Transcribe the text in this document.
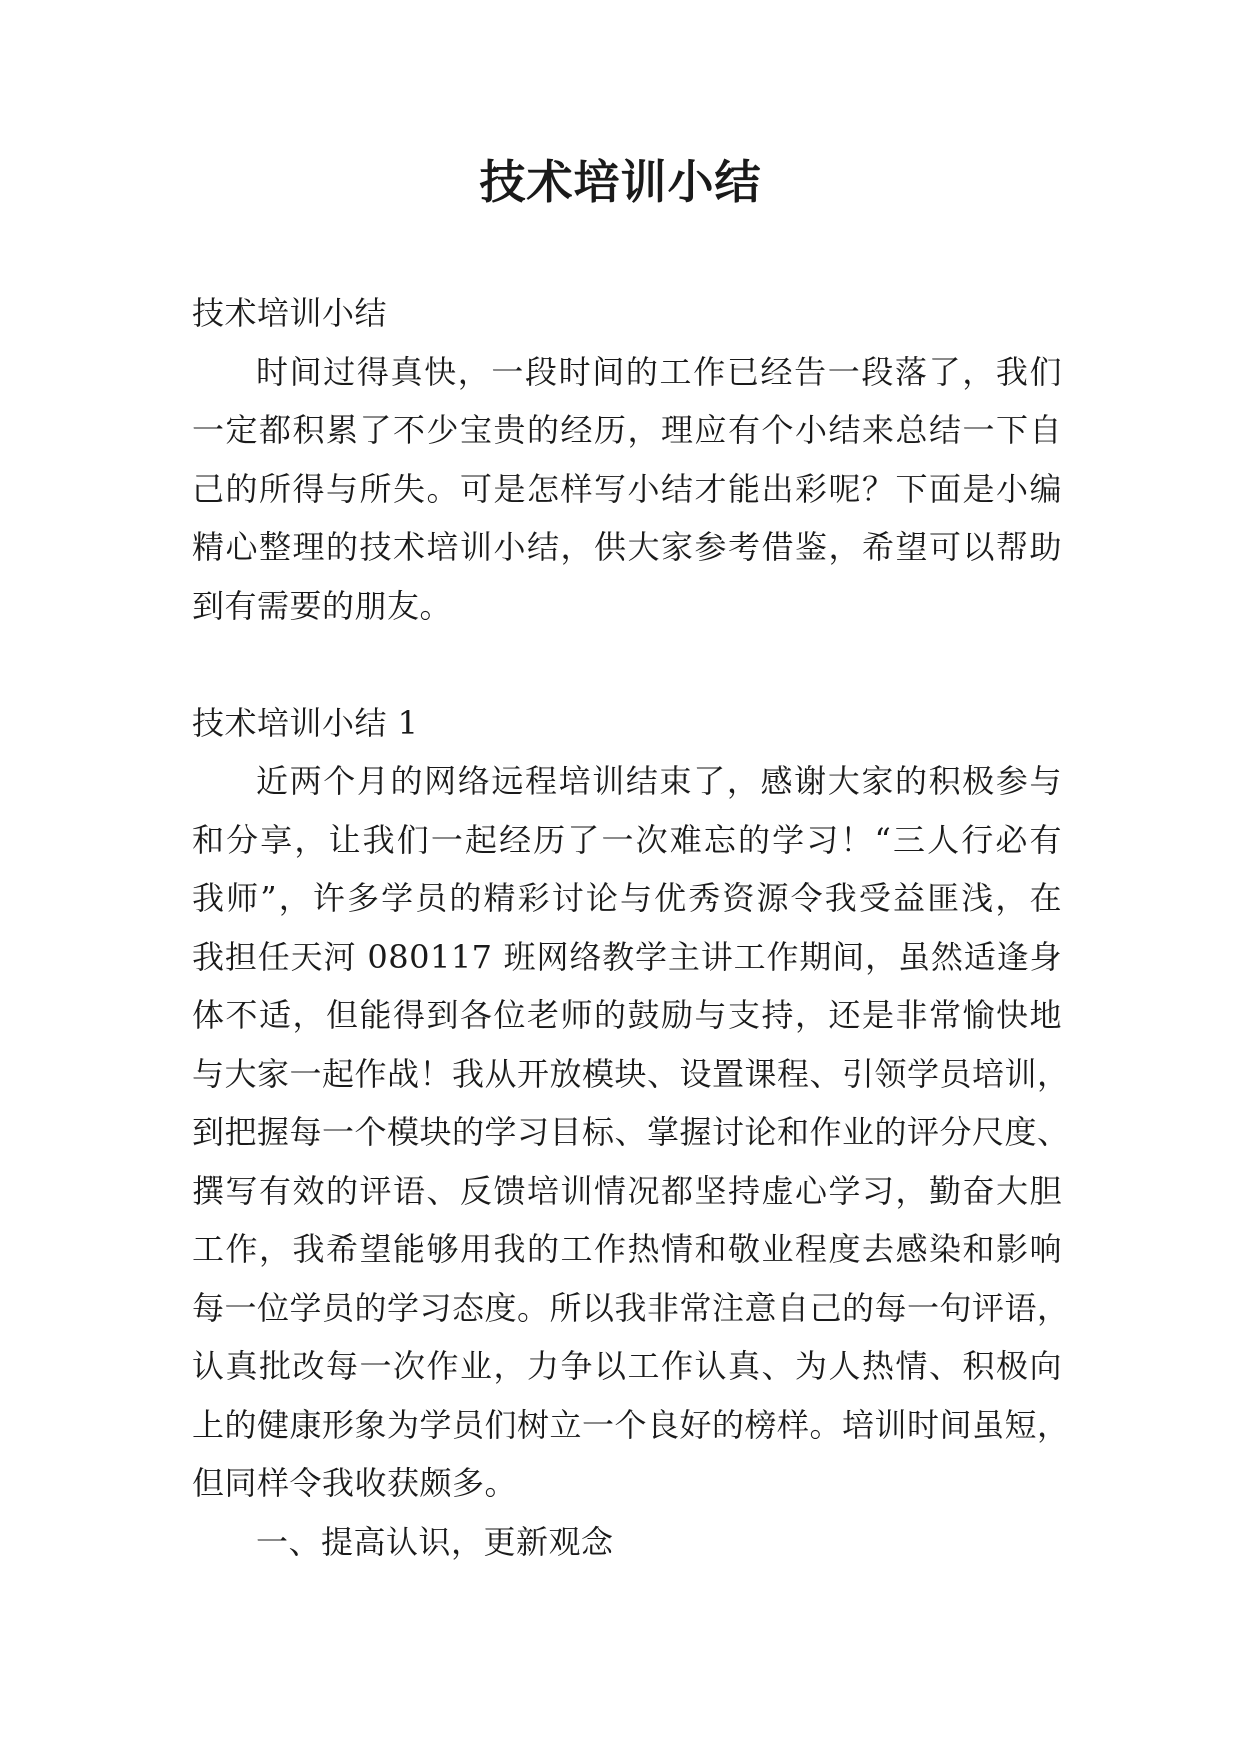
技术培训小结
技术培训小结
时间过得真快，一段时间的工作已经告一段落了，我们
一定都积累了不少宝贵的经历，理应有个小结来总结一下自
己的所得与所失。可是怎样写小结才能出彩呢？下面是小编
精心整理的技术培训小结，供大家参考借鉴，希望可以帮助
到有需要的朋友。
技术培训小结 1
近两个月的网络远程培训结束了，感谢大家的积极参与
和分享，让我们一起经历了一次难忘的学习！“三人行必有
我师”，许多学员的精彩讨论与优秀资源令我受益匪浅，在
我担任天河 080117 班网络教学主讲工作期间，虽然适逢身
体不适，但能得到各位老师的鼓励与支持，还是非常愉快地
与大家一起作战！我从开放模块、设置课程、引领学员培训，
到把握每一个模块的学习目标、掌握讨论和作业的评分尺度、
撰写有效的评语、反馈培训情况都坚持虚心学习，勤奋大胆
工作，我希望能够用我的工作热情和敬业程度去感染和影响
每一位学员的学习态度。所以我非常注意自己的每一句评语，
认真批改每一次作业，力争以工作认真、为人热情、积极向
上的健康形象为学员们树立一个良好的榜样。培训时间虽短，
但同样令我收获颇多。
一、提高认识，更新观念
